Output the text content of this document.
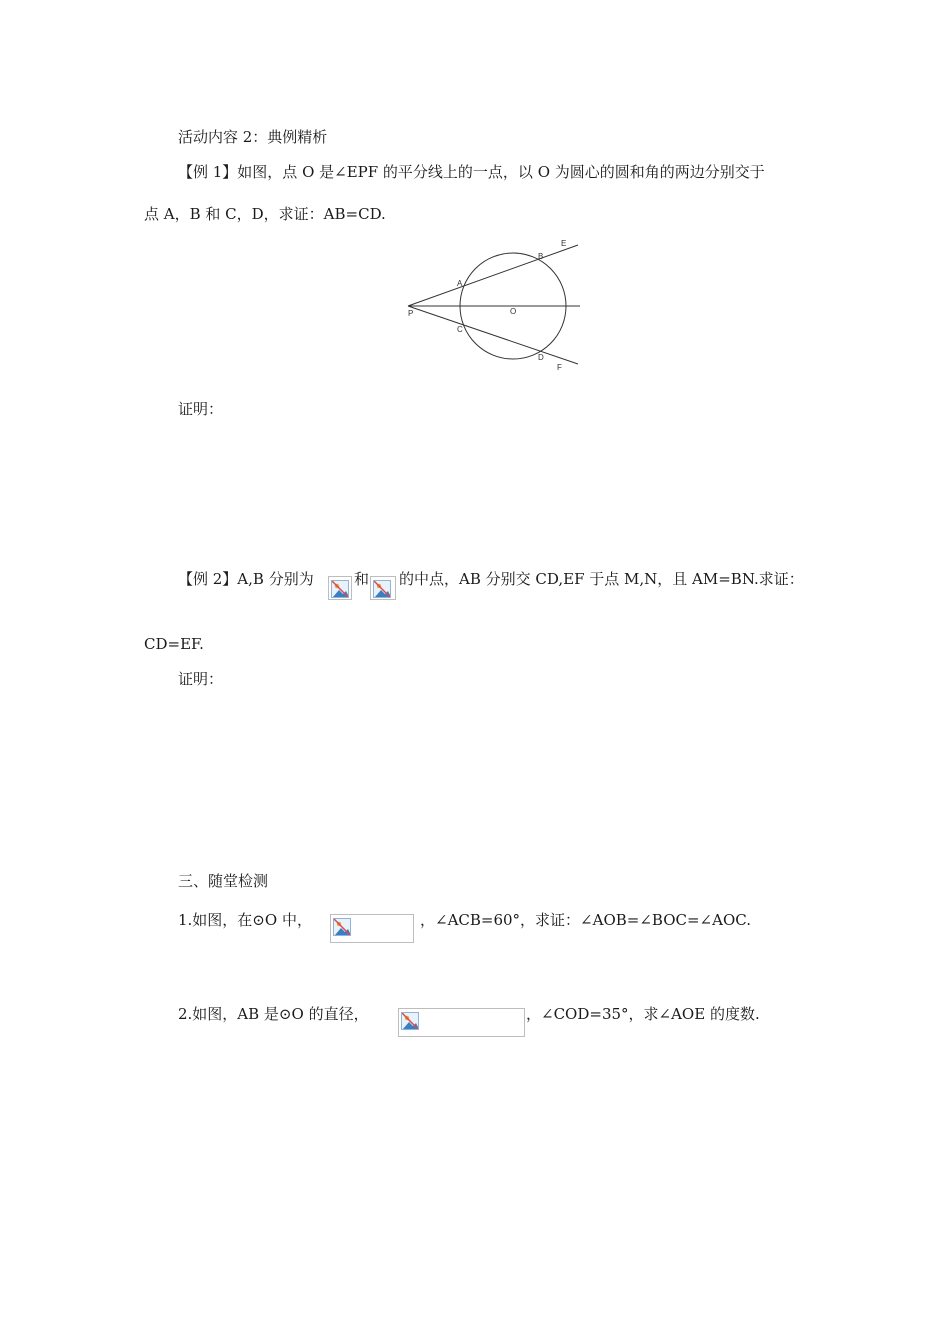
活动内容 2：典例精析
【例 1】如图，点 O 是∠EPF 的平分线上的一点，以 O 为圆心的圆和角的两边分别交于
点 A，B 和 C，D，求证：AB=CD.
E
B
A
O
P
C
D
F
证明：
【例 2】A,B 分别为	和 的中点，AB 分别交 CD,EF 于点 M,N，且 AM=BN.求证：
CD=EF.
证明：
三、随堂检测
1.如图，在⊙O 中，	，∠ACB=60°，求证：∠AOB=∠BOC=∠AOC.
2.如图，AB 是⊙O 的直径，	，∠COD=35°，求∠AOE 的度数.
